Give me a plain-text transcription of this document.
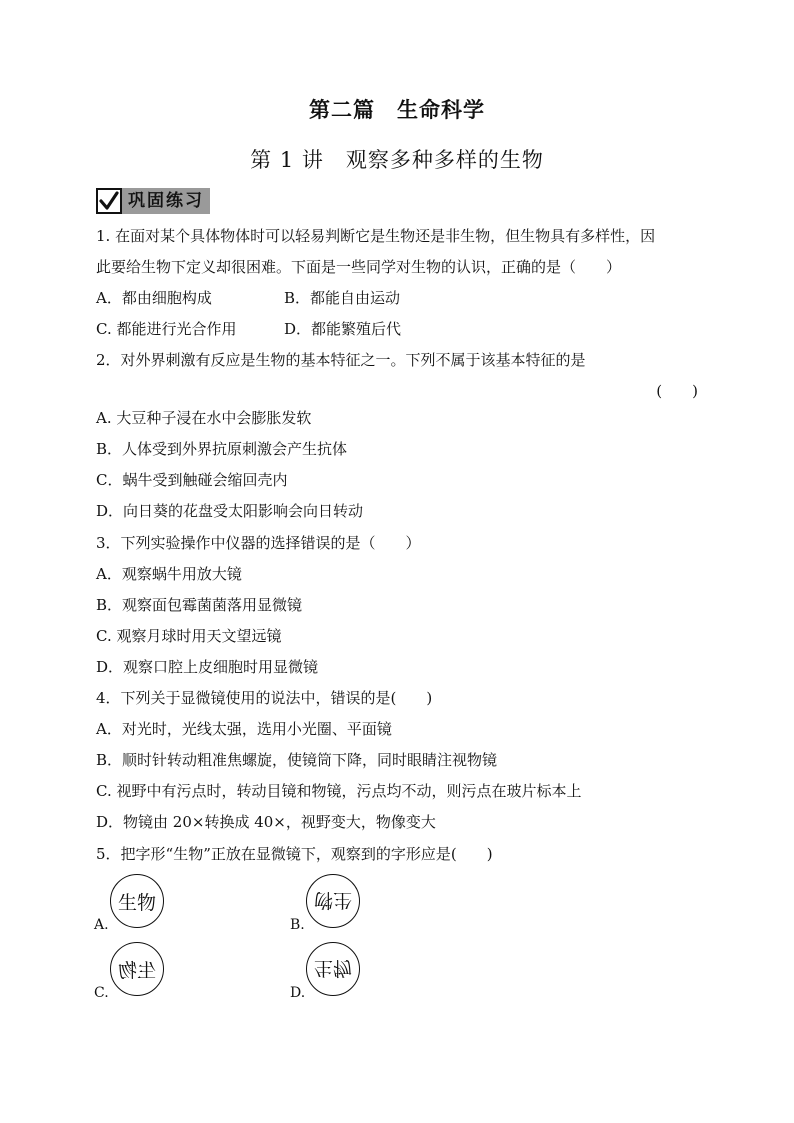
第二篇　生命科学
第 1 讲　观察多种多样的生物
巩固练习
1. 在面对某个具体物体时可以轻易判断它是生物还是非生物，但生物具有多样性，因
此要给生物下定义却很困难。下面是一些同学对生物的认识，正确的是（　　）
A．都由细胞构成	B．都能自由运动
C. 都能进行光合作用	D．都能繁殖后代
2．对外界刺激有反应是生物的基本特征之一。下列不属于该基本特征的是
(　　)
A. 大豆种子浸在水中会膨胀发软
B．人体受到外界抗原刺激会产生抗体
C．蜗牛受到触碰会缩回壳内
D．向日葵的花盘受太阳影响会向日转动
3．下列实验操作中仪器的选择错误的是（　　）
A．观察蜗牛用放大镜
B．观察面包霉菌菌落用显微镜
C. 观察月球时用天文望远镜
D．观察口腔上皮细胞时用显微镜
4．下列关于显微镜使用的说法中，错误的是(　　)
A．对光时，光线太强，选用小光圈、平面镜
B．顺时针转动粗准焦螺旋，使镜筒下降，同时眼睛注视物镜
C. 视野中有污点时，转动目镜和物镜，污点均不动，则污点在玻片标本上
D．物镜由 20×转换成 40×，视野变大，物像变大
5．把字形“生物”正放在显微镜下，观察到的字形应是(　　)
生物
A.
生物
B.
生物
C.
生物
D.
